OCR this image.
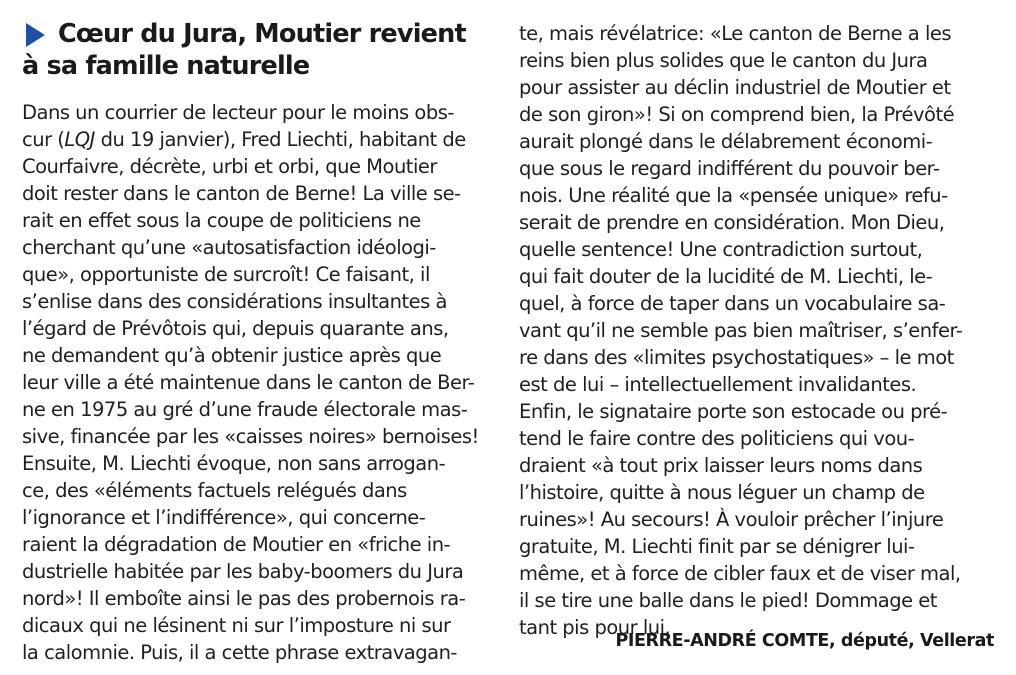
Cœur du Jura, Moutier revient
à sa famille naturelle
Dans un courrier de lecteur pour le moins obs-
cur (LQJ du 19 janvier), Fred Liechti, habitant de
Courfaivre, décrète, urbi et orbi, que Moutier
doit rester dans le canton de Berne! La ville se-
rait en effet sous la coupe de politiciens ne
cherchant qu’une «autosatisfaction idéologi-
que», opportuniste de surcroît! Ce faisant, il
s’enlise dans des considérations insultantes à
l’égard de Prévôtois qui, depuis quarante ans,
ne demandent qu’à obtenir justice après que
leur ville a été maintenue dans le canton de Ber-
ne en 1975 au gré d’une fraude électorale mas-
sive, financée par les «caisses noires» bernoises!
Ensuite, M. Liechti évoque, non sans arrogan-
ce, des «éléments factuels relégués dans
l’ignorance et l’indifférence», qui concerne-
raient la dégradation de Moutier en «friche in-
dustrielle habitée par les baby-boomers du Jura
nord»! Il emboîte ainsi le pas des probernois ra-
dicaux qui ne lésinent ni sur l’imposture ni sur
la calomnie. Puis, il a cette phrase extravagan-
te, mais révélatrice: «Le canton de Berne a les
reins bien plus solides que le canton du Jura
pour assister au déclin industriel de Moutier et
de son giron»! Si on comprend bien, la Prévôté
aurait plongé dans le délabrement économi-
que sous le regard indifférent du pouvoir ber-
nois. Une réalité que la «pensée unique» refu-
serait de prendre en considération. Mon Dieu,
quelle sentence! Une contradiction surtout,
qui fait douter de la lucidité de M. Liechti, le-
quel, à force de taper dans un vocabulaire sa-
vant qu’il ne semble pas bien maîtriser, s’enfer-
re dans des «limites psychostatiques» – le mot
est de lui – intellectuellement invalidantes.
Enfin, le signataire porte son estocade ou pré-
tend le faire contre des politiciens qui vou-
draient «à tout prix laisser leurs noms dans
l’histoire, quitte à nous léguer un champ de
ruines»! Au secours! À vouloir prêcher l’injure
gratuite, M. Liechti finit par se dénigrer lui-
même, et à force de cibler faux et de viser mal,
il se tire une balle dans le pied! Dommage et
tant pis pour lui.
PIERRE-ANDRÉ COMTE, député, Vellerat
